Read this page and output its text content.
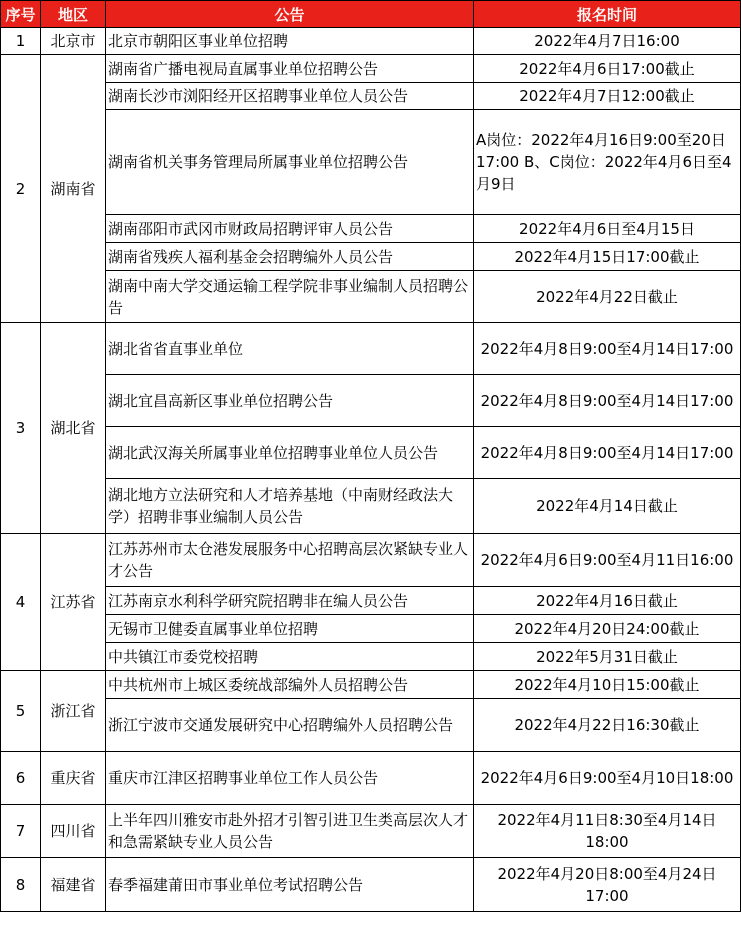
序号	地区	公告	报名时间
1	北京市	北京市朝阳区事业单位招聘	2022年4月7日16:00
2	湖南省	湖南省广播电视局直属事业单位招聘公告	2022年4月6日17:00截止
		湖南长沙市浏阳经开区招聘事业单位人员公告	2022年4月7日12:00截止
		湖南省机关事务管理局所属事业单位招聘公告	A岗位：2022年4月16日9:00至20日17:00 B、C岗位：2022年4月6日至4月9日
		湖南邵阳市武冈市财政局招聘评审人员公告	2022年4月6日至4月15日
		湖南省残疾人福利基金会招聘编外人员公告	2022年4月15日17:00截止
		湖南中南大学交通运输工程学院非事业编制人员招聘公告	2022年4月22日截止
3	湖北省	湖北省省直事业单位	2022年4月8日9:00至4月14日17:00
		湖北宜昌高新区事业单位招聘公告	2022年4月8日9:00至4月14日17:00
		湖北武汉海关所属事业单位招聘事业单位人员公告	2022年4月8日9:00至4月14日17:00
		湖北地方立法研究和人才培养基地（中南财经政法大学）招聘非事业编制人员公告	2022年4月14日截止
4	江苏省	江苏苏州市太仓港发展服务中心招聘高层次紧缺专业人才公告	2022年4月6日9:00至4月11日16:00
		江苏南京水利科学研究院招聘非在编人员公告	2022年4月16日截止
		无锡市卫健委直属事业单位招聘	2022年4月20日24:00截止
		中共镇江市委党校招聘	2022年5月31日截止
5	浙江省	中共杭州市上城区委统战部编外人员招聘公告	2022年4月10日15:00截止
		浙江宁波市交通发展研究中心招聘编外人员招聘公告	2022年4月22日16:30截止
6	重庆省	重庆市江津区招聘事业单位工作人员公告	2022年4月6日9:00至4月10日18:00
7	四川省	上半年四川雅安市赴外招才引智引进卫生类高层次人才和急需紧缺专业人员公告	2022年4月11日8:30至4月14日18:00
8	福建省	春季福建莆田市事业单位考试招聘公告	2022年4月20日8:00至4月24日17:00
